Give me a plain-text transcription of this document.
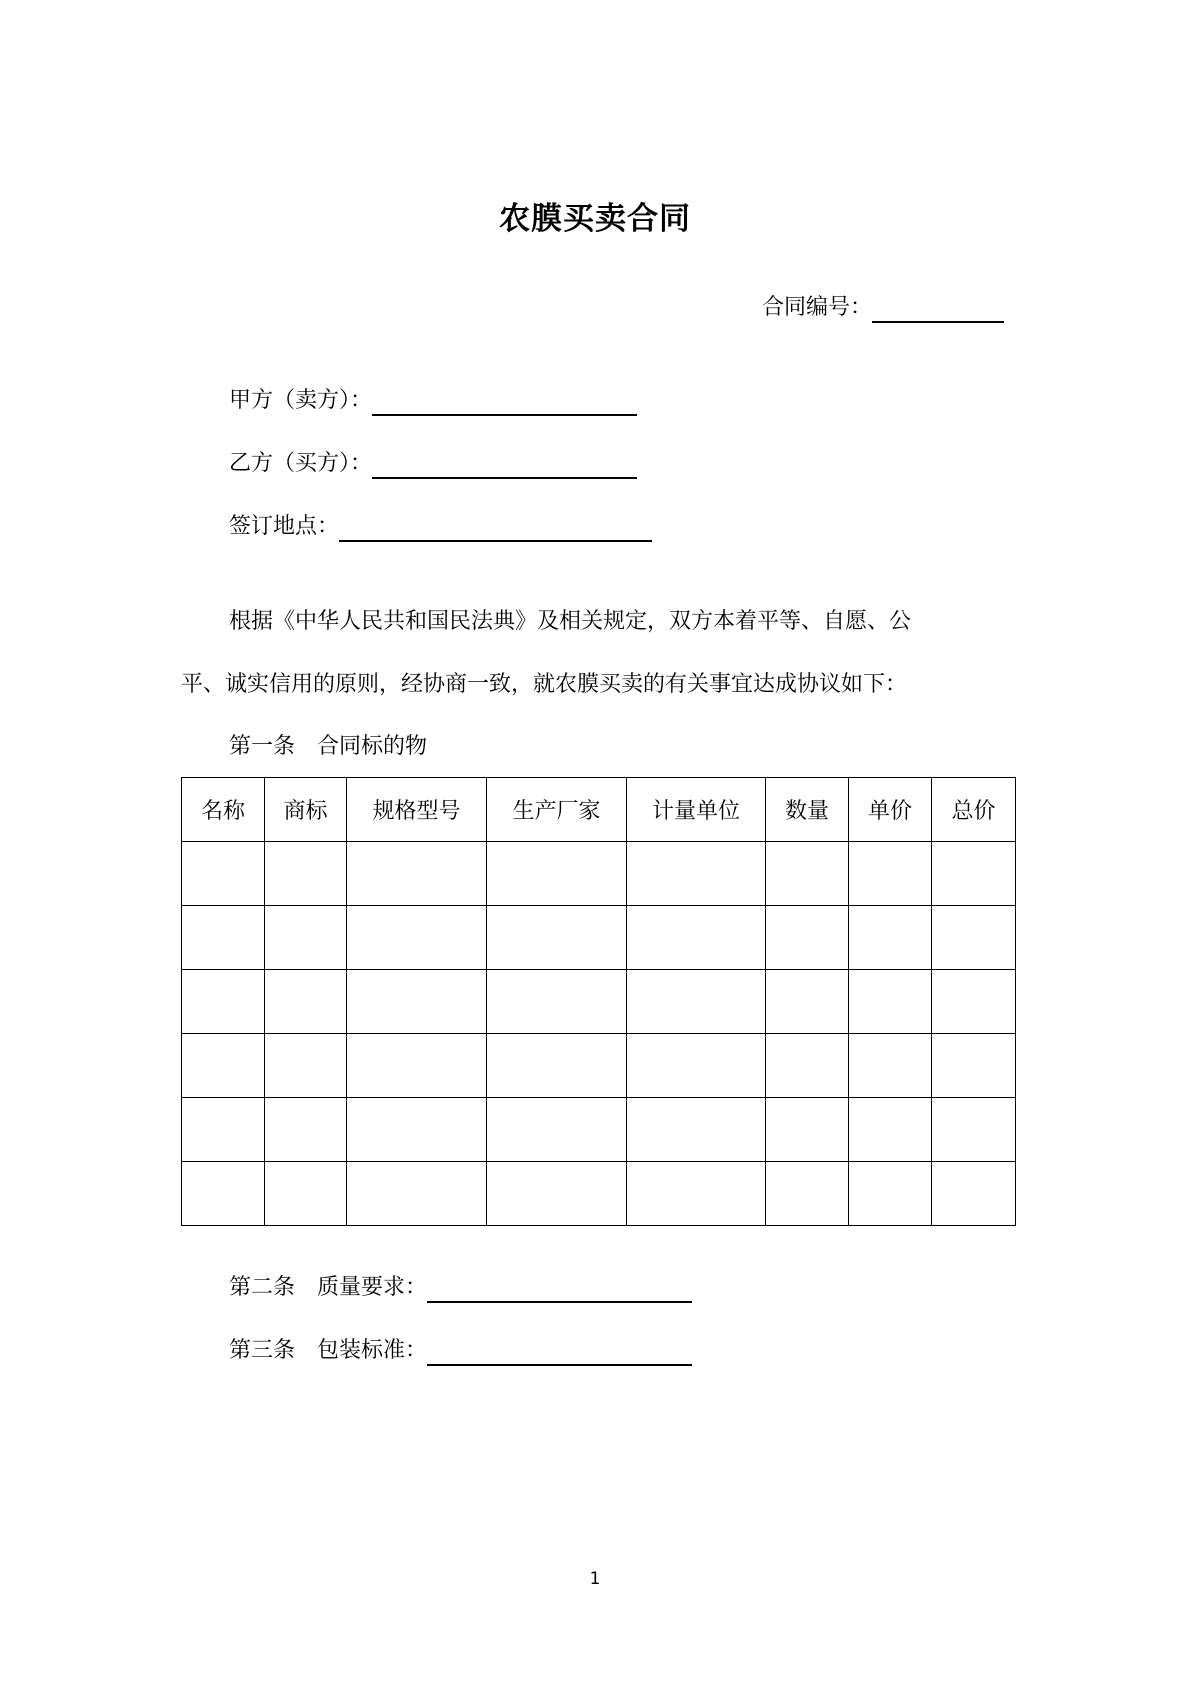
农膜买卖合同
合同编号：
甲方（卖方）：
乙方（买方）：
签订地点：
根据《中华人民共和国民法典》及相关规定，双方本着平等、自愿、公
平、诚实信用的原则，经协商一致，就农膜买卖的有关事宜达成协议如下：
第一条　合同标的物
名称	商标	规格型号	生产厂家	计量单位	数量	单价	总价

第二条　质量要求：
第三条　包装标准：
1
